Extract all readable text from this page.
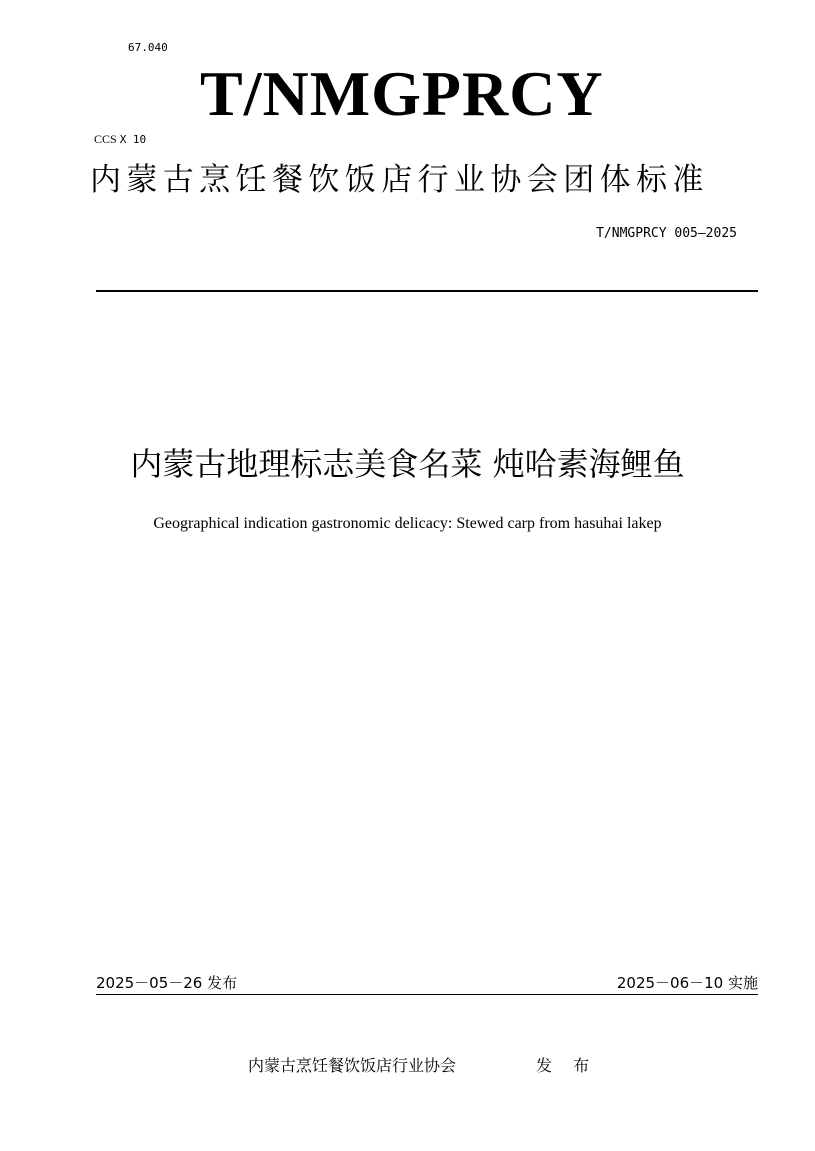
67.040
T/NMGPRCY
CCS X 10
内蒙古烹饪餐饮饭店行业协会团体标准
T/NMGPRCY 005—2025
内蒙古地理标志美食名菜 炖哈素海鲤鱼
Geographical indication gastronomic delicacy: Stewed carp from hasuhai lakep
2025－05－26 发布	2025－06－10 实施
内蒙古烹饪餐饮饭店行业协会	发 布
